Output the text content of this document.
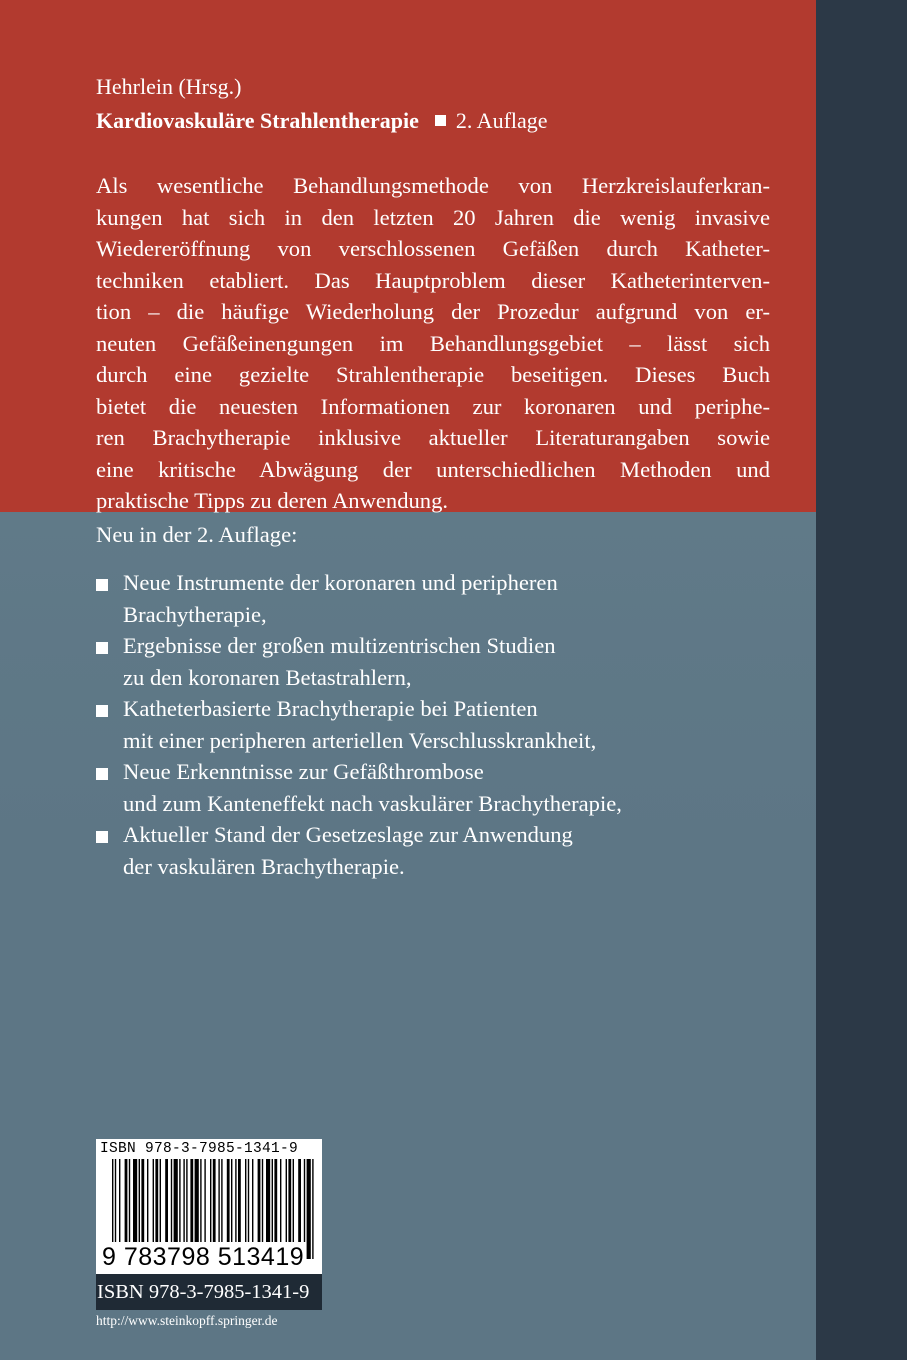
Hehrlein (Hrsg.)

Kardiovaskuläre Strahlentherapie 2. Auflage

Als wesentliche Behandlungsmethode von Herzkreislauferkran-
kungen hat sich in den letzten 20 Jahren die wenig invasive
Wiedereröffnung von verschlossenen Gefäßen durch Katheter-
techniken etabliert. Das Hauptproblem dieser Katheterinterven-
tion – die häufige Wiederholung der Prozedur aufgrund von er-
neuten Gefäßeinengungen im Behandlungsgebiet – lässt sich
durch eine gezielte Strahlentherapie beseitigen. Dieses Buch
bietet die neuesten Informationen zur koronaren und periphe-
ren Brachytherapie inklusive aktueller Literaturangaben sowie
eine kritische Abwägung der unterschiedlichen Methoden und
praktische Tipps zu deren Anwendung.

Neu in der 2. Auflage:
Neue Instrumente der koronaren und peripheren
Brachytherapie,
Ergebnisse der großen multizentrischen Studien
zu den koronaren Betastrahlern,
Katheterbasierte Brachytherapie bei Patienten
mit einer peripheren arteriellen Verschlusskrankheit,
Neue Erkenntnisse zur Gefäßthrombose
und zum Kanteneffekt nach vaskulärer Brachytherapie,
Aktueller Stand der Gesetzeslage zur Anwendung
der vaskulären Brachytherapie.

ISBN 978-3-7985-1341-9

9 783798 513419

ISBN 978-3-7985-1341-9

http://www.steinkopff.springer.de
